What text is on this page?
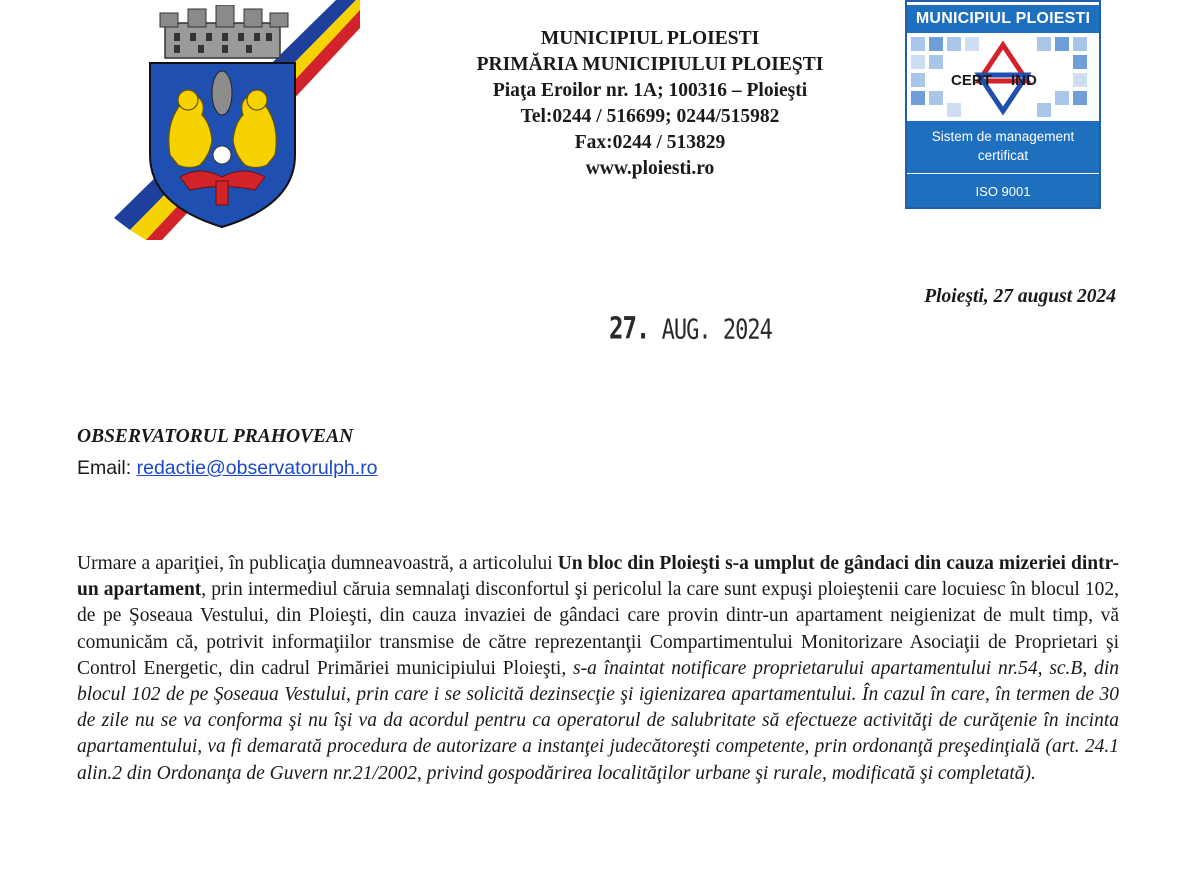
MUNICIPIUL PLOIESTI
PRIMĂRIA MUNICIPIULUI PLOIEŞTI
Piaţa Eroilor nr. 1A; 100316 – Ploieşti
Tel:0244 / 516699; 0244/515982
Fax:0244 / 513829
www.ploiesti.ro
MUNICIPIUL PLOIESTI
CERT IND
Sistem de management
certificat
ISO 9001
Ploieşti, 27 august 2024
27. AUG. 2024
OBSERVATORUL PRAHOVEAN
Email: redactie@observatorulph.ro
Urmare a apariţiei, în publicaţia dumneavoastră, a articolului Un bloc din Ploieşti s-a umplut de gândaci din cauza mizeriei dintr-un apartament, prin intermediul căruia semnalaţi disconfortul şi pericolul la care sunt expuşi ploieştenii care locuiesc în blocul 102, de pe Şoseaua Vestului, din Ploieşti, din cauza invaziei de gândaci care provin dintr-un apartament neigienizat de mult timp, vă comunicăm că, potrivit informaţiilor transmise de către reprezentanţii Compartimentului Monitorizare Asociaţii de Proprietari şi Control Energetic, din cadrul Primăriei municipiului Ploieşti, s-a înaintat notificare proprietarului apartamentului nr.54, sc.B, din blocul 102 de pe Şoseaua Vestului, prin care i se solicită dezinsecţie şi igienizarea apartamentului. În cazul în care, în termen de 30 de zile nu se va conforma şi nu îşi va da acordul pentru ca operatorul de salubritate să efectueze activităţi de curăţenie în incinta apartamentului, va fi demarată procedura de autorizare a instanţei judecătoreşti competente, prin ordonanţă preşedinţială (art. 24.1 alin.2 din Ordonanţa de Guvern nr.21/2002, privind gospodărirea localităţilor urbane şi rurale, modificată şi completată).
